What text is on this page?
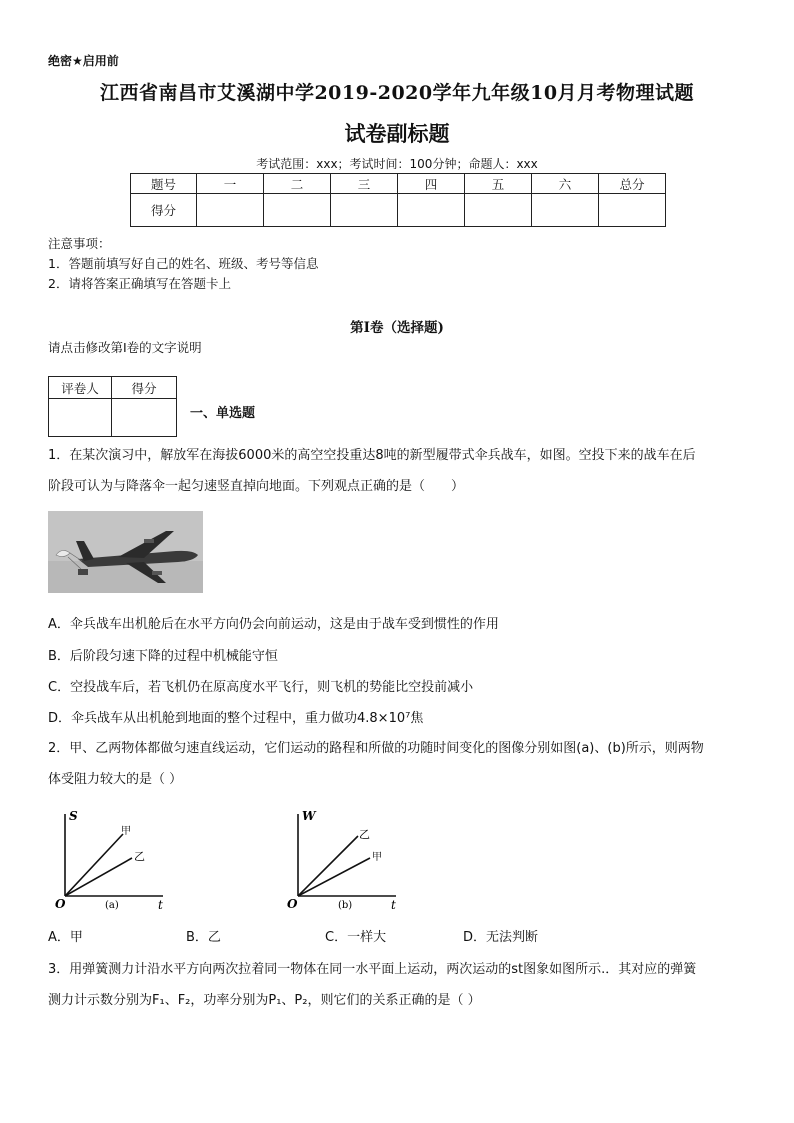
绝密★启用前
江西省南昌市艾溪湖中学2019-2020学年九年级10月月考物理试题
试卷副标题
考试范围：xxx；考试时间：100分钟；命题人：xxx
题号	一	二	三	四	五	六	总分
得分							
注意事项：
1．答题前填写好自己的姓名、班级、考号等信息
2．请将答案正确填写在答题卡上
第I卷（选择题)
请点击修改第I卷的文字说明
评卷人	得分

一、单选题
1．在某次演习中，解放军在海拔6000米的高空空投重达8吨的新型履带式伞兵战车，如图。空投下来的战车在后
阶段可认为与降落伞一起匀速竖直掉向地面。下列观点正确的是（　　）
A．伞兵战车出机舱后在水平方向仍会向前运动，这是由于战车受到惯性的作用
B．后阶段匀速下降的过程中机械能守恒
C．空投战车后，若飞机仍在原高度水平飞行，则飞机的势能比空投前减小
D．伞兵战车从出机舱到地面的整个过程中，重力做功4.8×10⁷焦
2．甲、乙两物体都做匀速直线运动，它们运动的路程和所做的功随时间变化的图像分别如图(a)、(b)所示，则两物
体受阻力较大的是（ ）
S
t
O
甲
乙
(a)
W
t
O
乙
甲
(b)
A．甲	B．乙	C．一样大	D．无法判断
3．用弹簧测力计沿水平方向两次拉着同一物体在同一水平面上运动，两次运动的st图象如图所示.．其对应的弹簧
测力计示数分别为F₁、F₂，功率分别为P₁、P₂，则它们的关系正确的是（ ）
